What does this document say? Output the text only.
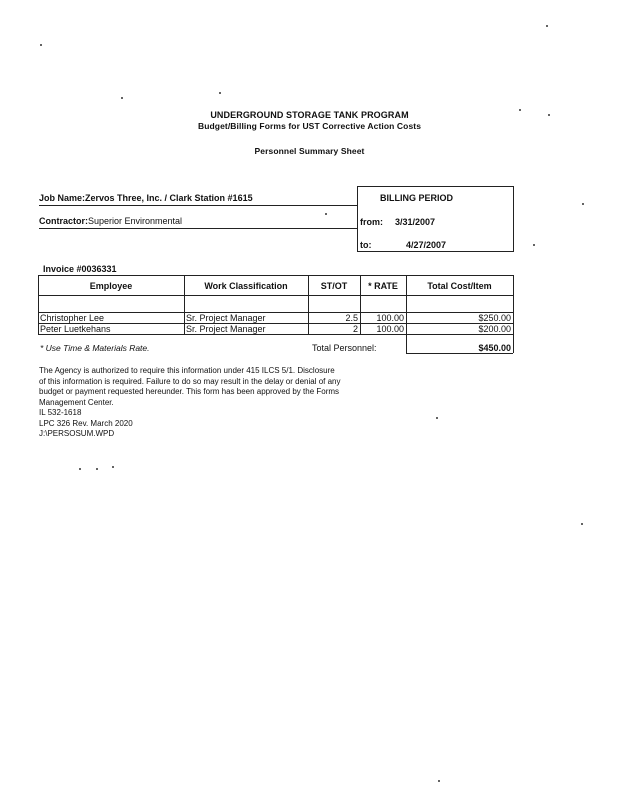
UNDERGROUND STORAGE TANK PROGRAM
Budget/Billing Forms for UST Corrective Action Costs
Personnel Summary Sheet
Job Name:Zervos Three, Inc. / Clark Station #1615
Contractor:Superior Environmental
BILLING PERIOD
from: 3/31/2007
to:	4/27/2007
Invoice #0036331
Employee	Work Classification	ST/OT	* RATE	Total Cost/Item
Christopher Lee	Sr. Project Manager	2.5	100.00	$250.00
Peter Luetkehans	Sr. Project Manager	2	100.00	$200.00
* Use Time & Materials Rate.	Total Personnel:	$450.00
The Agency is authorized to require this information under 415 ILCS 5/1. Disclosure
of this information is required. Failure to do so may result in the delay or denial of any
budget or payment requested hereunder. This form has been approved by the Forms
Management Center.
IL 532-1618
LPC 326 Rev. March 2020
J:\PERSOSUM.WPD
